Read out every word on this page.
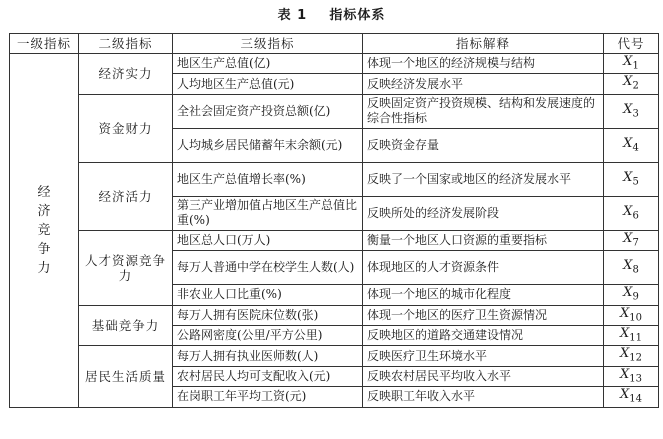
表 1 指标体系
一级指标	二级指标	三级指标	指标解释	代号
经济竞争力	经济实力	地区生产总值(亿)	体现一个地区的经济规模与结构	$X_1$
		人均地区生产总值(元)	反映经济发展水平	$X_2$
	资金财力	全社会固定资产投资总额(亿)	反映固定资产投资规模、结构和发展速度的综合性指标	$X_3$
		人均城乡居民储蓄年末余额(元)	反映资金存量	$X_4$
	经济活力	地区生产总值增长率(%)	反映了一个国家或地区的经济发展水平	$X_5$
		第三产业增加值占地区生产总值比重(%)	反映所处的经济发展阶段	$X_6$
	人才资源竞争力	地区总人口(万人)	衡量一个地区人口资源的重要指标	$X_7$
		每万人普通中学在校学生人数(人)	体现地区的人才资源条件	$X_8$
		非农业人口比重(%)	体现一个地区的城市化程度	$X_9$
	基础竞争力	每万人拥有医院床位数(张)	体现一个地区的医疗卫生资源情况	$X_{10}$
		公路网密度(公里/平方公里)	反映地区的道路交通建设情况	$X_{11}$
	居民生活质量	每万人拥有执业医师数(人)	反映医疗卫生环境水平	$X_{12}$
		农村居民人均可支配收入(元)	反映农村居民平均收入水平	$X_{13}$
		在岗职工年平均工资(元)	反映职工年收入水平	$X_{14}$
